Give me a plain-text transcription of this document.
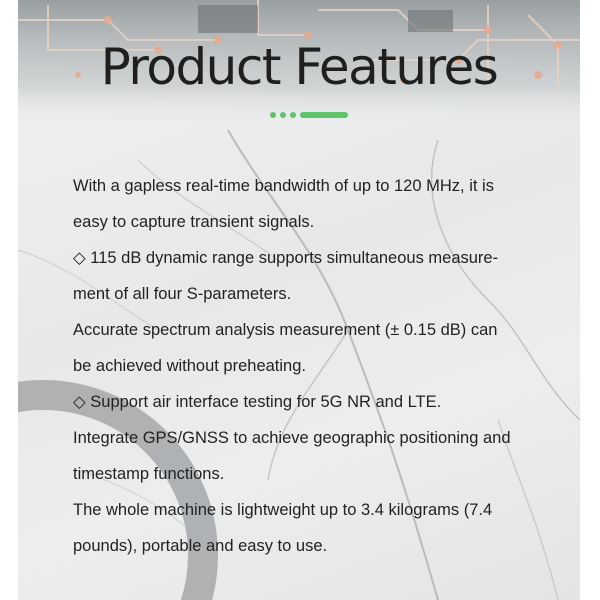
Product Features
With a gapless real-time bandwidth of up to 120 MHz, it is
easy to capture transient signals.
◇ 115 dB dynamic range supports simultaneous measure-
ment of all four S-parameters.
Accurate spectrum analysis measurement (± 0.15 dB) can
be achieved without preheating.
◇ Support air interface testing for 5G NR and LTE.
Integrate GPS/GNSS to achieve geographic positioning and
timestamp functions.
The whole machine is lightweight up to 3.4 kilograms (7.4
pounds), portable and easy to use.
